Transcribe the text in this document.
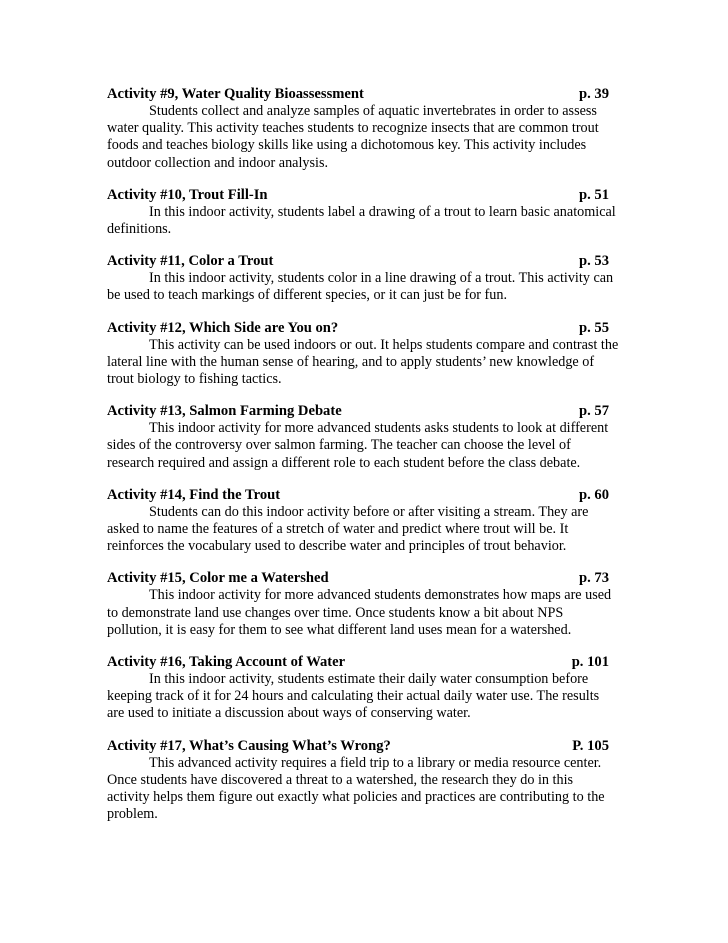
Activity #9, Water Quality Bioassessment	p. 39

Students collect and analyze samples of aquatic invertebrates in order to assess water quality. This activity teaches students to recognize insects that are common trout foods and teaches biology skills like using a dichotomous key. This activity includes outdoor collection and indoor analysis.

Activity #10, Trout Fill-In	p. 51

In this indoor activity, students label a drawing of a trout to learn basic anatomical definitions.

Activity #11, Color a Trout	p. 53

In this indoor activity, students color in a line drawing of a trout. This activity can be used to teach markings of different species, or it can just be for fun.

Activity #12, Which Side are You on?	p. 55

This activity can be used indoors or out. It helps students compare and contrast the lateral line with the human sense of hearing, and to apply students’ new knowledge of trout biology to fishing tactics.

Activity #13, Salmon Farming Debate	p. 57

This indoor activity for more advanced students asks students to look at different sides of the controversy over salmon farming. The teacher can choose the level of research required and assign a different role to each student before the class debate.

Activity #14, Find the Trout	p. 60

Students can do this indoor activity before or after visiting a stream. They are asked to name the features of a stretch of water and predict where trout will be. It reinforces the vocabulary used to describe water and principles of trout behavior.

Activity #15, Color me a Watershed	p. 73

This indoor activity for more advanced students demonstrates how maps are used to demonstrate land use changes over time. Once students know a bit about NPS pollution, it is easy for them to see what different land uses mean for a watershed.

Activity #16, Taking Account of Water	p. 101

In this indoor activity, students estimate their daily water consumption before keeping track of it for 24 hours and calculating their actual daily water use. The results are used to initiate a discussion about ways of conserving water.

Activity #17, What’s Causing What’s Wrong?	P. 105

This advanced activity requires a field trip to a library or media resource center. Once students have discovered a threat to a watershed, the research they do in this activity helps them figure out exactly what policies and practices are contributing to the problem.
